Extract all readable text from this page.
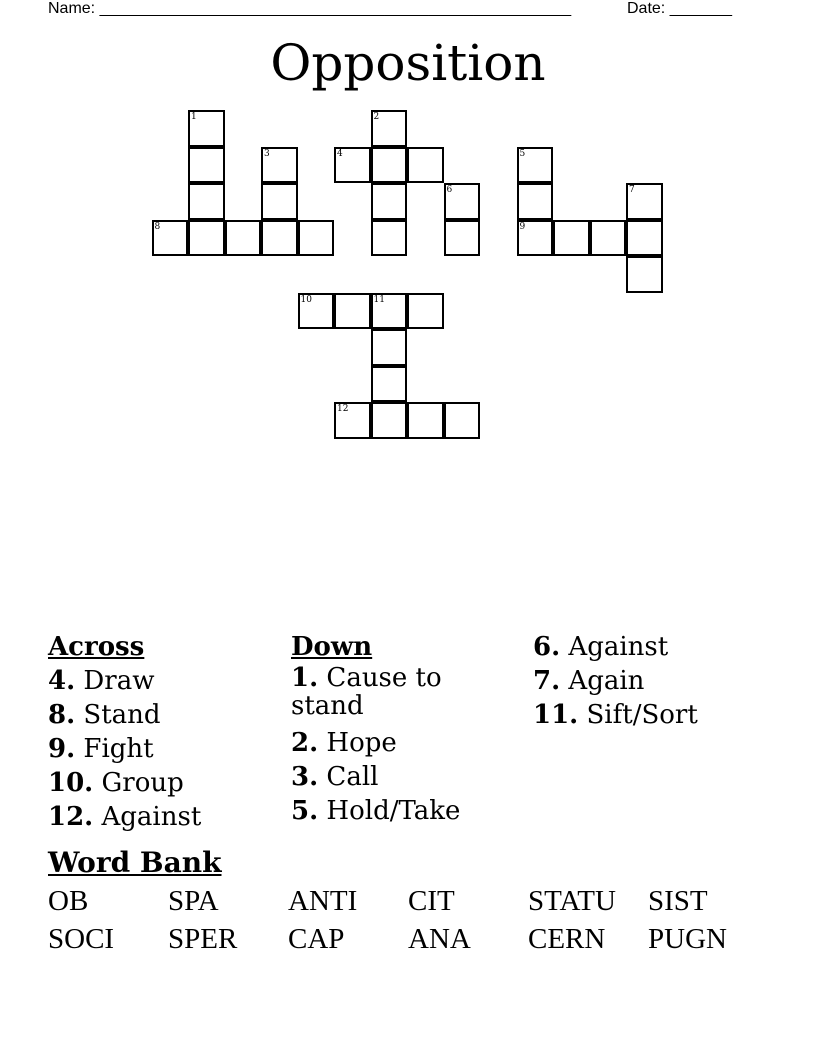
Name: _____________________________________________________	Date: _______
Opposition
1	2
3	4	5
6	7
8	9
10	11
12
Across
4. Draw
8. Stand
9. Fight
10. Group
12. Against
Down
1. Cause to stand
2. Hope
3. Call
5. Hold/Take
6. Against
7. Again
11. Sift/Sort
Word Bank
OB	SPA ANTI CIT	STATU SIST
SOCI SPER CAP ANA CERN PUGN
